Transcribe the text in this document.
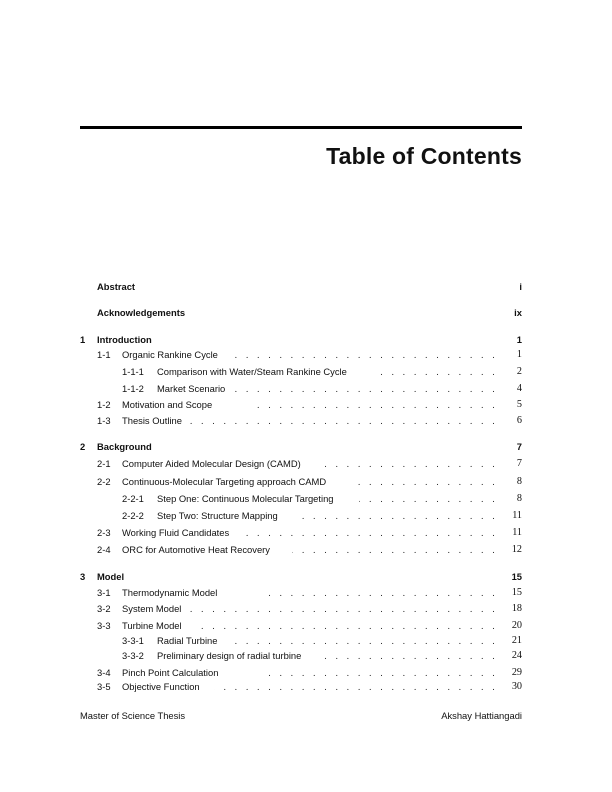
Table of Contents
Abstract	i
Acknowledgements	ix
1 Introduction	1
1-1 Organic Rankine Cycle . . .	1
1-1-1 Comparison with Water/Steam Rankine Cycle . . .	2
1-1-2 Market Scenario . . .	4
1-2 Motivation and Scope . . .	5
1-3 Thesis Outline . . .	6
2 Background	7
2-1 Computer Aided Molecular Design (CAMD) . . .	7
2-2 Continuous-Molecular Targeting approach CAMD . . .	8
2-2-1 Step One: Continuous Molecular Targeting . . .	8
2-2-2 Step Two: Structure Mapping . . .	11
2-3 Working Fluid Candidates . . .	11
2-4 ORC for Automotive Heat Recovery . . .	12
3 Model	15
3-1 Thermodynamic Model . . .	15
3-2 System Model . . .	18
3-3 Turbine Model . . .	20
3-3-1 Radial Turbine . . .	21
3-3-2 Preliminary design of radial turbine . . .	24
3-4 Pinch Point Calculation . . .	29
3-5 Objective Function . . .	30
Master of Science Thesis	Akshay Hattiangadi
